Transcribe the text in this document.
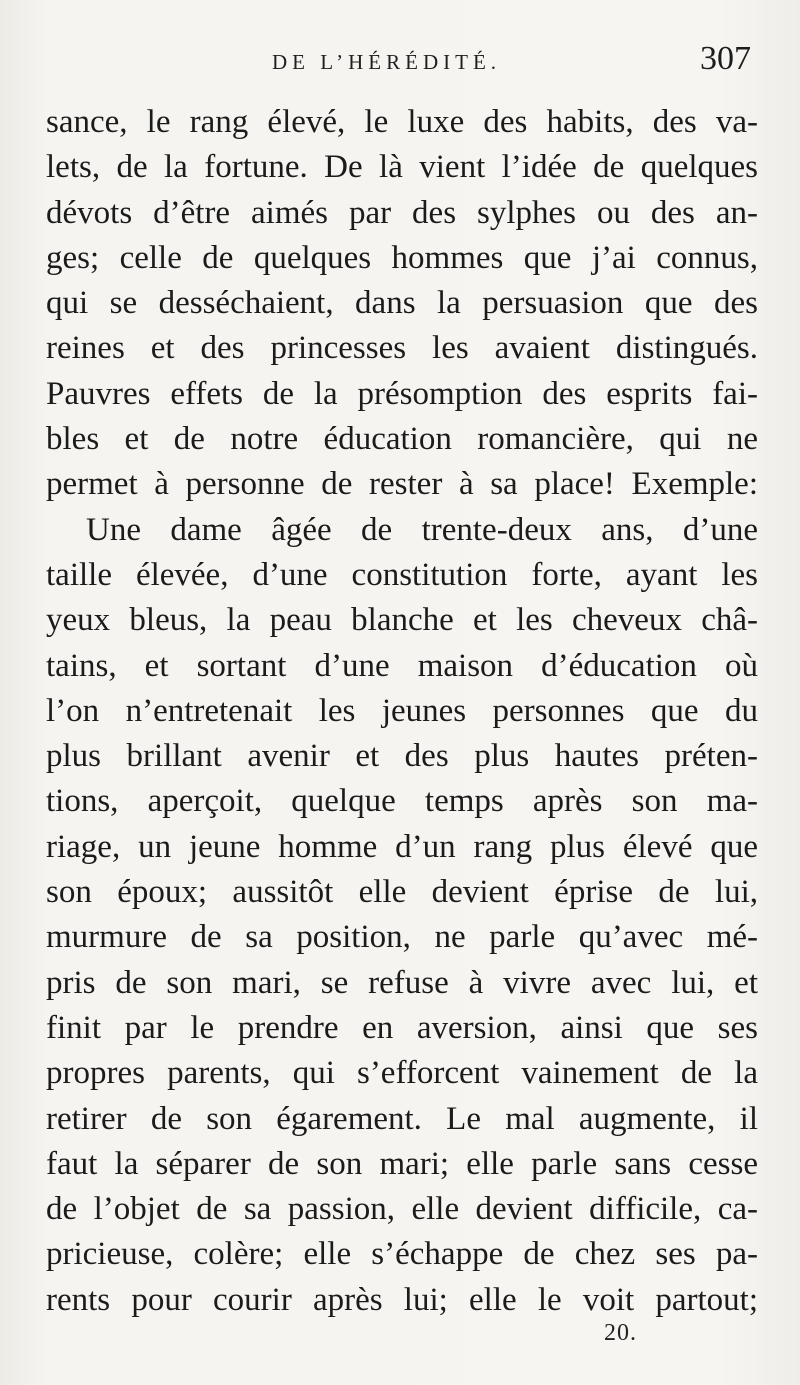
DE L’HÉRÉDITÉ.	307
sance, le rang élevé, le luxe des habits, des va-
lets, de la fortune. De là vient l’idée de quelques
dévots d’être aimés par des sylphes ou des an-
ges; celle de quelques hommes que j’ai connus,
qui se desséchaient, dans la persuasion que des
reines et des princesses les avaient distingués.
Pauvres effets de la présomption des esprits fai-
bles et de notre éducation romancière, qui ne
permet à personne de rester à sa place! Exemple:
Une dame âgée de trente-deux ans, d’une
taille élevée, d’une constitution forte, ayant les
yeux bleus, la peau blanche et les cheveux châ-
tains, et sortant d’une maison d’éducation où
l’on n’entretenait les jeunes personnes que du
plus brillant avenir et des plus hautes préten-
tions, aperçoit, quelque temps après son ma-
riage, un jeune homme d’un rang plus élevé que
son époux; aussitôt elle devient éprise de lui,
murmure de sa position, ne parle qu’avec mé-
pris de son mari, se refuse à vivre avec lui, et
finit par le prendre en aversion, ainsi que ses
propres parents, qui s’efforcent vainement de la
retirer de son égarement. Le mal augmente, il
faut la séparer de son mari; elle parle sans cesse
de l’objet de sa passion, elle devient difficile, ca-
pricieuse, colère; elle s’échappe de chez ses pa-
rents pour courir après lui; elle le voit partout;
20.
